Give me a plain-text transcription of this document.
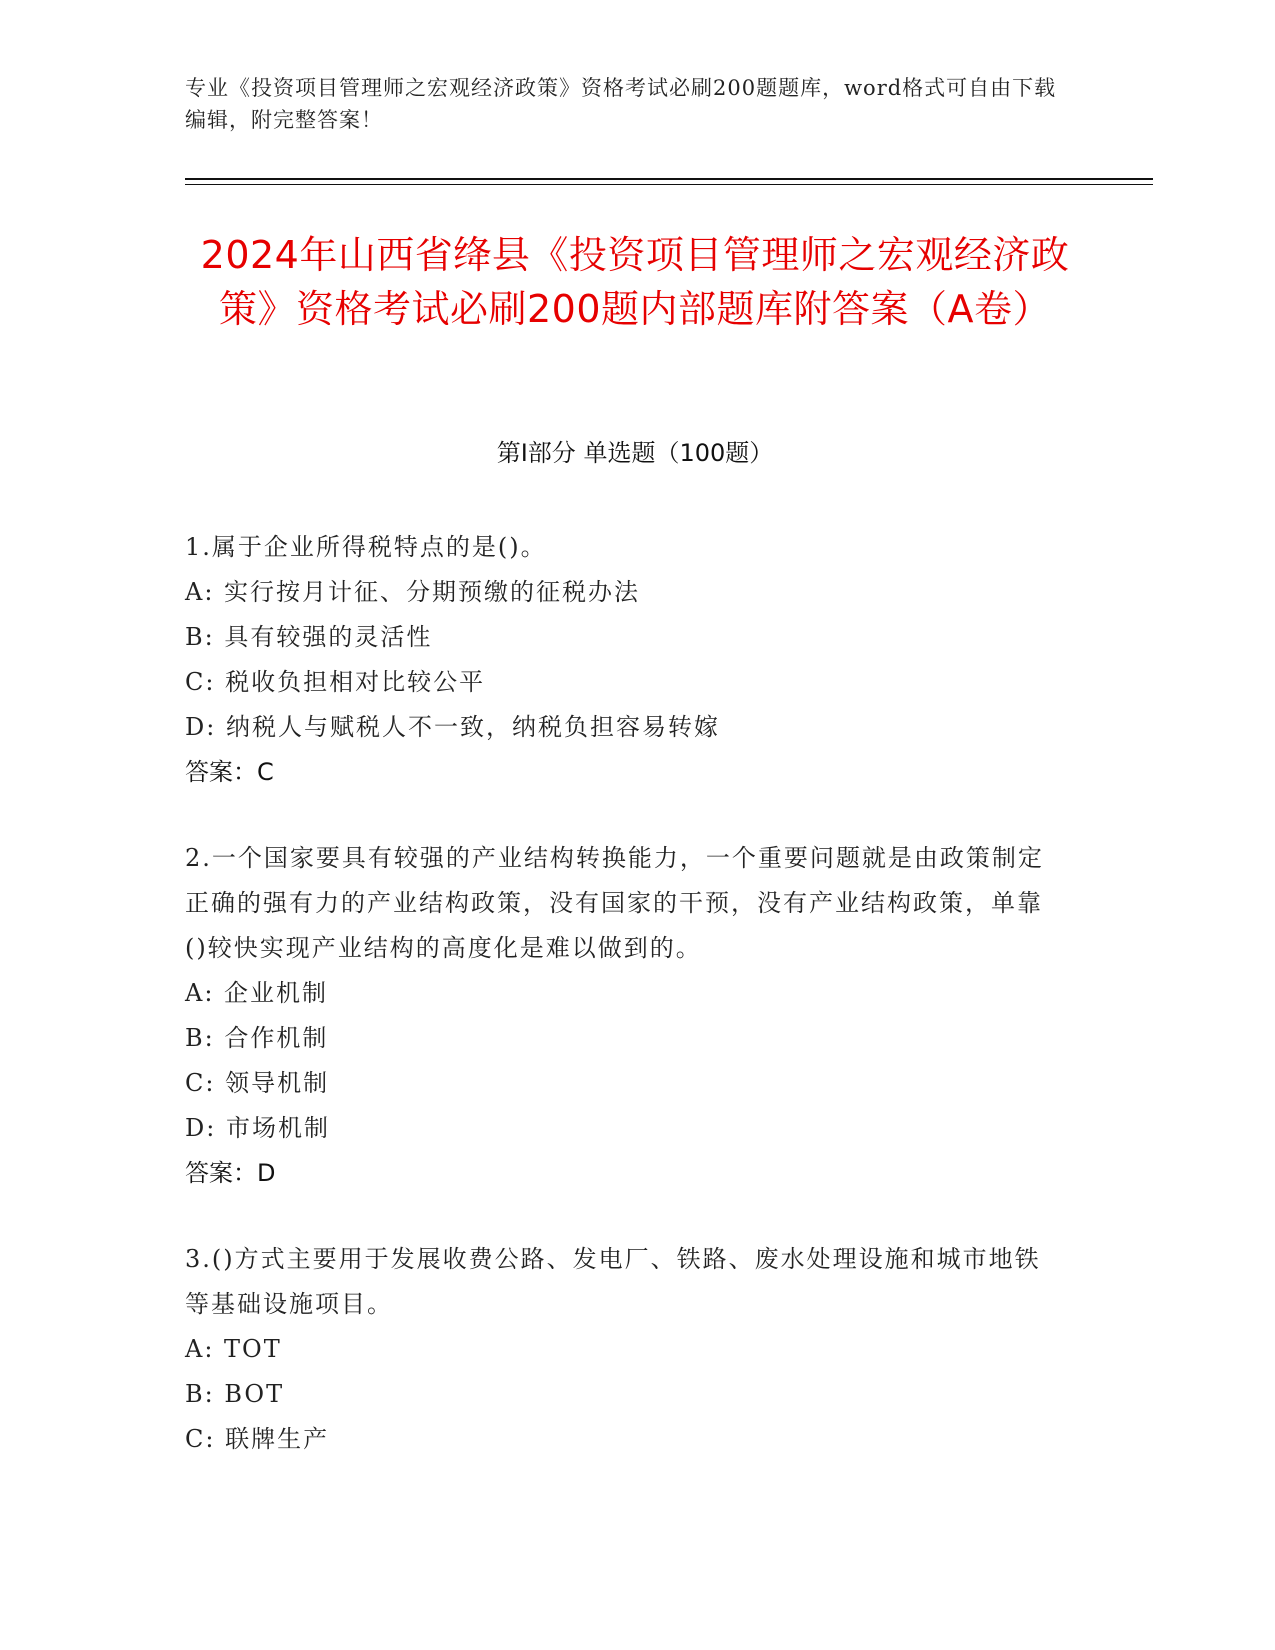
专业《投资项目管理师之宏观经济政策》资格考试必刷200题题库，word格式可自由下载编辑，附完整答案！
2024年山西省绛县《投资项目管理师之宏观经济政策》资格考试必刷200题内部题库附答案（A卷）
第Ⅰ部分 单选题（100题）
1.属于企业所得税特点的是()。
A: 实行按月计征、分期预缴的征税办法
B: 具有较强的灵活性
C: 税收负担相对比较公平
D: 纳税人与赋税人不一致，纳税负担容易转嫁
答案：C
2.一个国家要具有较强的产业结构转换能力，一个重要问题就是由政策制定正确的强有力的产业结构政策，没有国家的干预，没有产业结构政策，单靠()较快实现产业结构的高度化是难以做到的。
A: 企业机制
B: 合作机制
C: 领导机制
D: 市场机制
答案：D
3.()方式主要用于发展收费公路、发电厂、铁路、废水处理设施和城市地铁等基础设施项目。
A: TOT
B: BOT
C: 联牌生产
